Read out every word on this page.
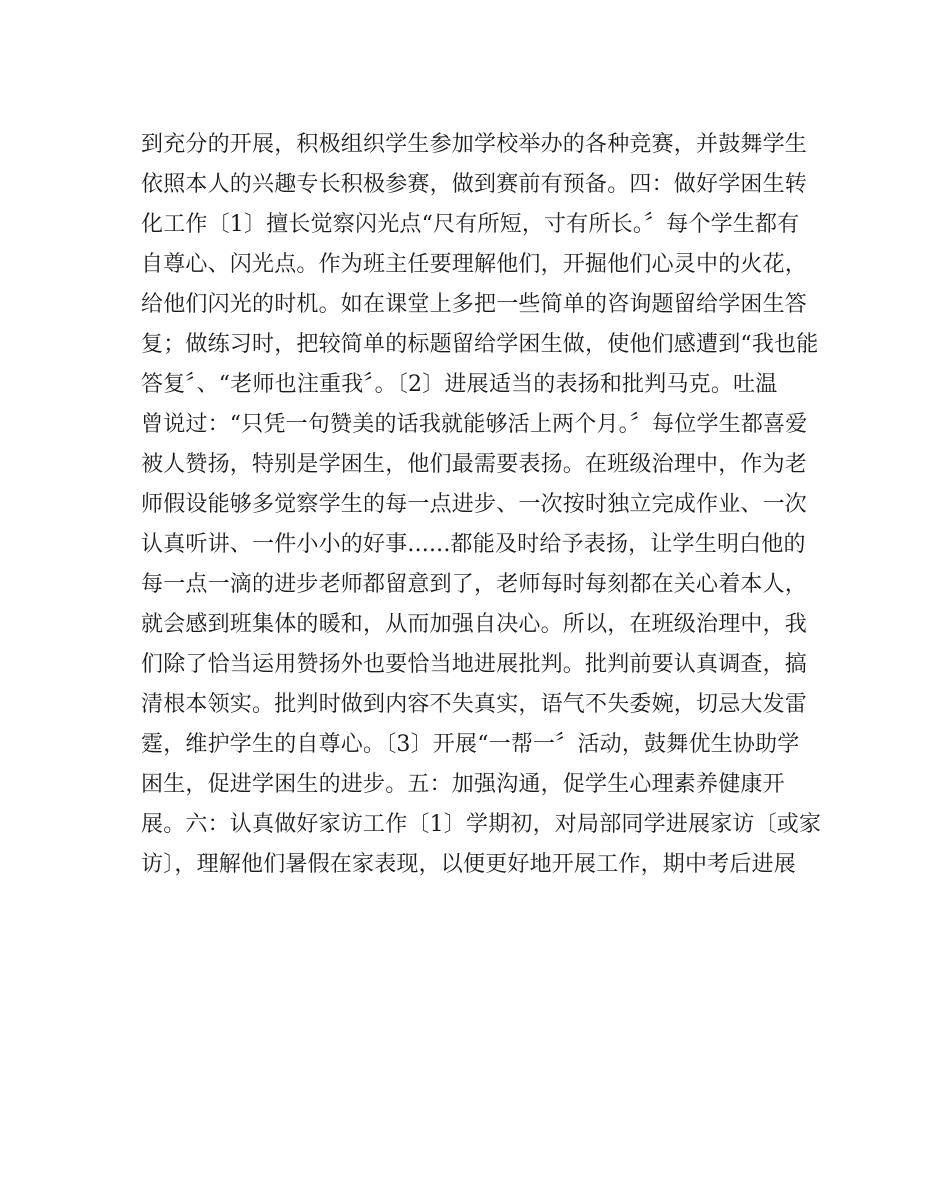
到充分的开展，积极组织学生参加学校举办的各种竞赛，并鼓舞学生
依照本人的兴趣专长积极参赛，做到赛前有预备。四：做好学困生转
化工作〔1〕擅长觉察闪光点“尺有所短，寸有所长。〞每个学生都有
自尊心、闪光点。作为班主任要理解他们，开掘他们心灵中的火花，
给他们闪光的时机。如在课堂上多把一些简单的咨询题留给学困生答
复；做练习时，把较简单的标题留给学困生做，使他们感遭到“我也能
答复〞、“老师也注重我〞。〔2〕进展适当的表扬和批判马克。吐温
曾说过：“只凭一句赞美的话我就能够活上两个月。〞每位学生都喜爱
被人赞扬，特别是学困生，他们最需要表扬。在班级治理中，作为老
师假设能够多觉察学生的每一点进步、一次按时独立完成作业、一次
认真听讲、一件小小的好事......都能及时给予表扬，让学生明白他的
每一点一滴的进步老师都留意到了，老师每时每刻都在关心着本人，
就会感到班集体的暖和，从而加强自决心。所以，在班级治理中，我
们除了恰当运用赞扬外也要恰当地进展批判。批判前要认真调查，搞
清根本领实。批判时做到内容不失真实，语气不失委婉，切忌大发雷
霆，维护学生的自尊心。〔3〕开展“一帮一〞活动，鼓舞优生协助学
困生，促进学困生的进步。五：加强沟通，促学生心理素养健康开
展。六：认真做好家访工作〔1〕学期初，对局部同学进展家访〔或家
访〕，理解他们暑假在家表现，以便更好地开展工作，期中考后进展
